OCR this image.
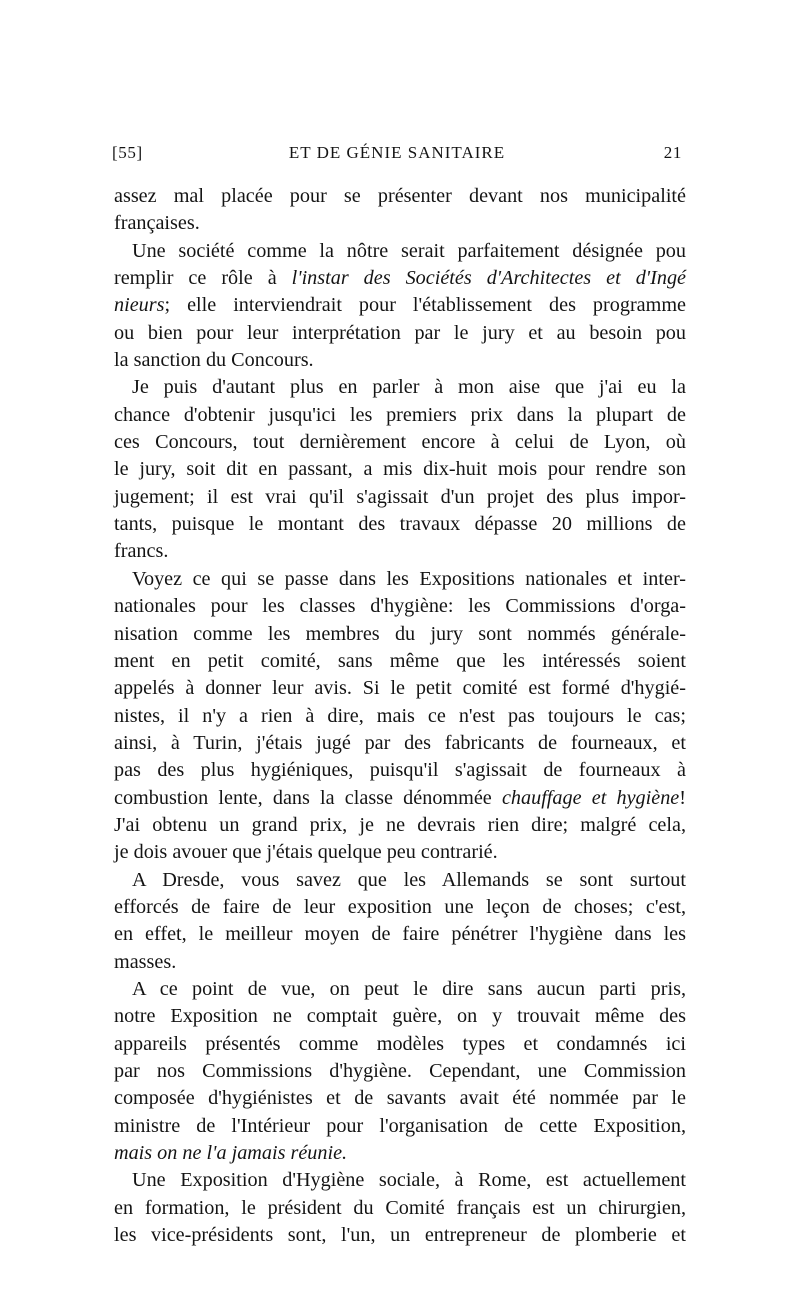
[55]	ET DE GÉNIE SANITAIRE	21

assez mal placée pour se présenter devant nos municipalité
françaises.

Une société comme la nôtre serait parfaitement désignée pou
remplir ce rôle à l'instar des Sociétés d'Architectes et d'Ingé
nieurs; elle interviendrait pour l'établissement des programme
ou bien pour leur interprétation par le jury et au besoin pou
la sanction du Concours.

Je puis d'autant plus en parler à mon aise que j'ai eu la
chance d'obtenir jusqu'ici les premiers prix dans la plupart de
ces Concours, tout dernièrement encore à celui de Lyon, où
le jury, soit dit en passant, a mis dix-huit mois pour rendre son
jugement; il est vrai qu'il s'agissait d'un projet des plus impor-
tants, puisque le montant des travaux dépasse 20 millions de
francs.

Voyez ce qui se passe dans les Expositions nationales et inter-
nationales pour les classes d'hygiène: les Commissions d'orga-
nisation comme les membres du jury sont nommés générale-
ment en petit comité, sans même que les intéressés soient
appelés à donner leur avis. Si le petit comité est formé d'hygié-
nistes, il n'y a rien à dire, mais ce n'est pas toujours le cas;
ainsi, à Turin, j'étais jugé par des fabricants de fourneaux, et
pas des plus hygiéniques, puisqu'il s'agissait de fourneaux à
combustion lente, dans la classe dénommée chauffage et hygiène!
J'ai obtenu un grand prix, je ne devrais rien dire; malgré cela,
je dois avouer que j'étais quelque peu contrarié.

A Dresde, vous savez que les Allemands se sont surtout
efforcés de faire de leur exposition une leçon de choses; c'est,
en effet, le meilleur moyen de faire pénétrer l'hygiène dans les
masses.

A ce point de vue, on peut le dire sans aucun parti pris,
notre Exposition ne comptait guère, on y trouvait même des
appareils présentés comme modèles types et condamnés ici
par nos Commissions d'hygiène. Cependant, une Commission
composée d'hygiénistes et de savants avait été nommée par le
ministre de l'Intérieur pour l'organisation de cette Exposition,
mais on ne l'a jamais réunie.

Une Exposition d'Hygiène sociale, à Rome, est actuellement
en formation, le président du Comité français est un chirurgien,
les vice-présidents sont, l'un, un entrepreneur de plomberie et
